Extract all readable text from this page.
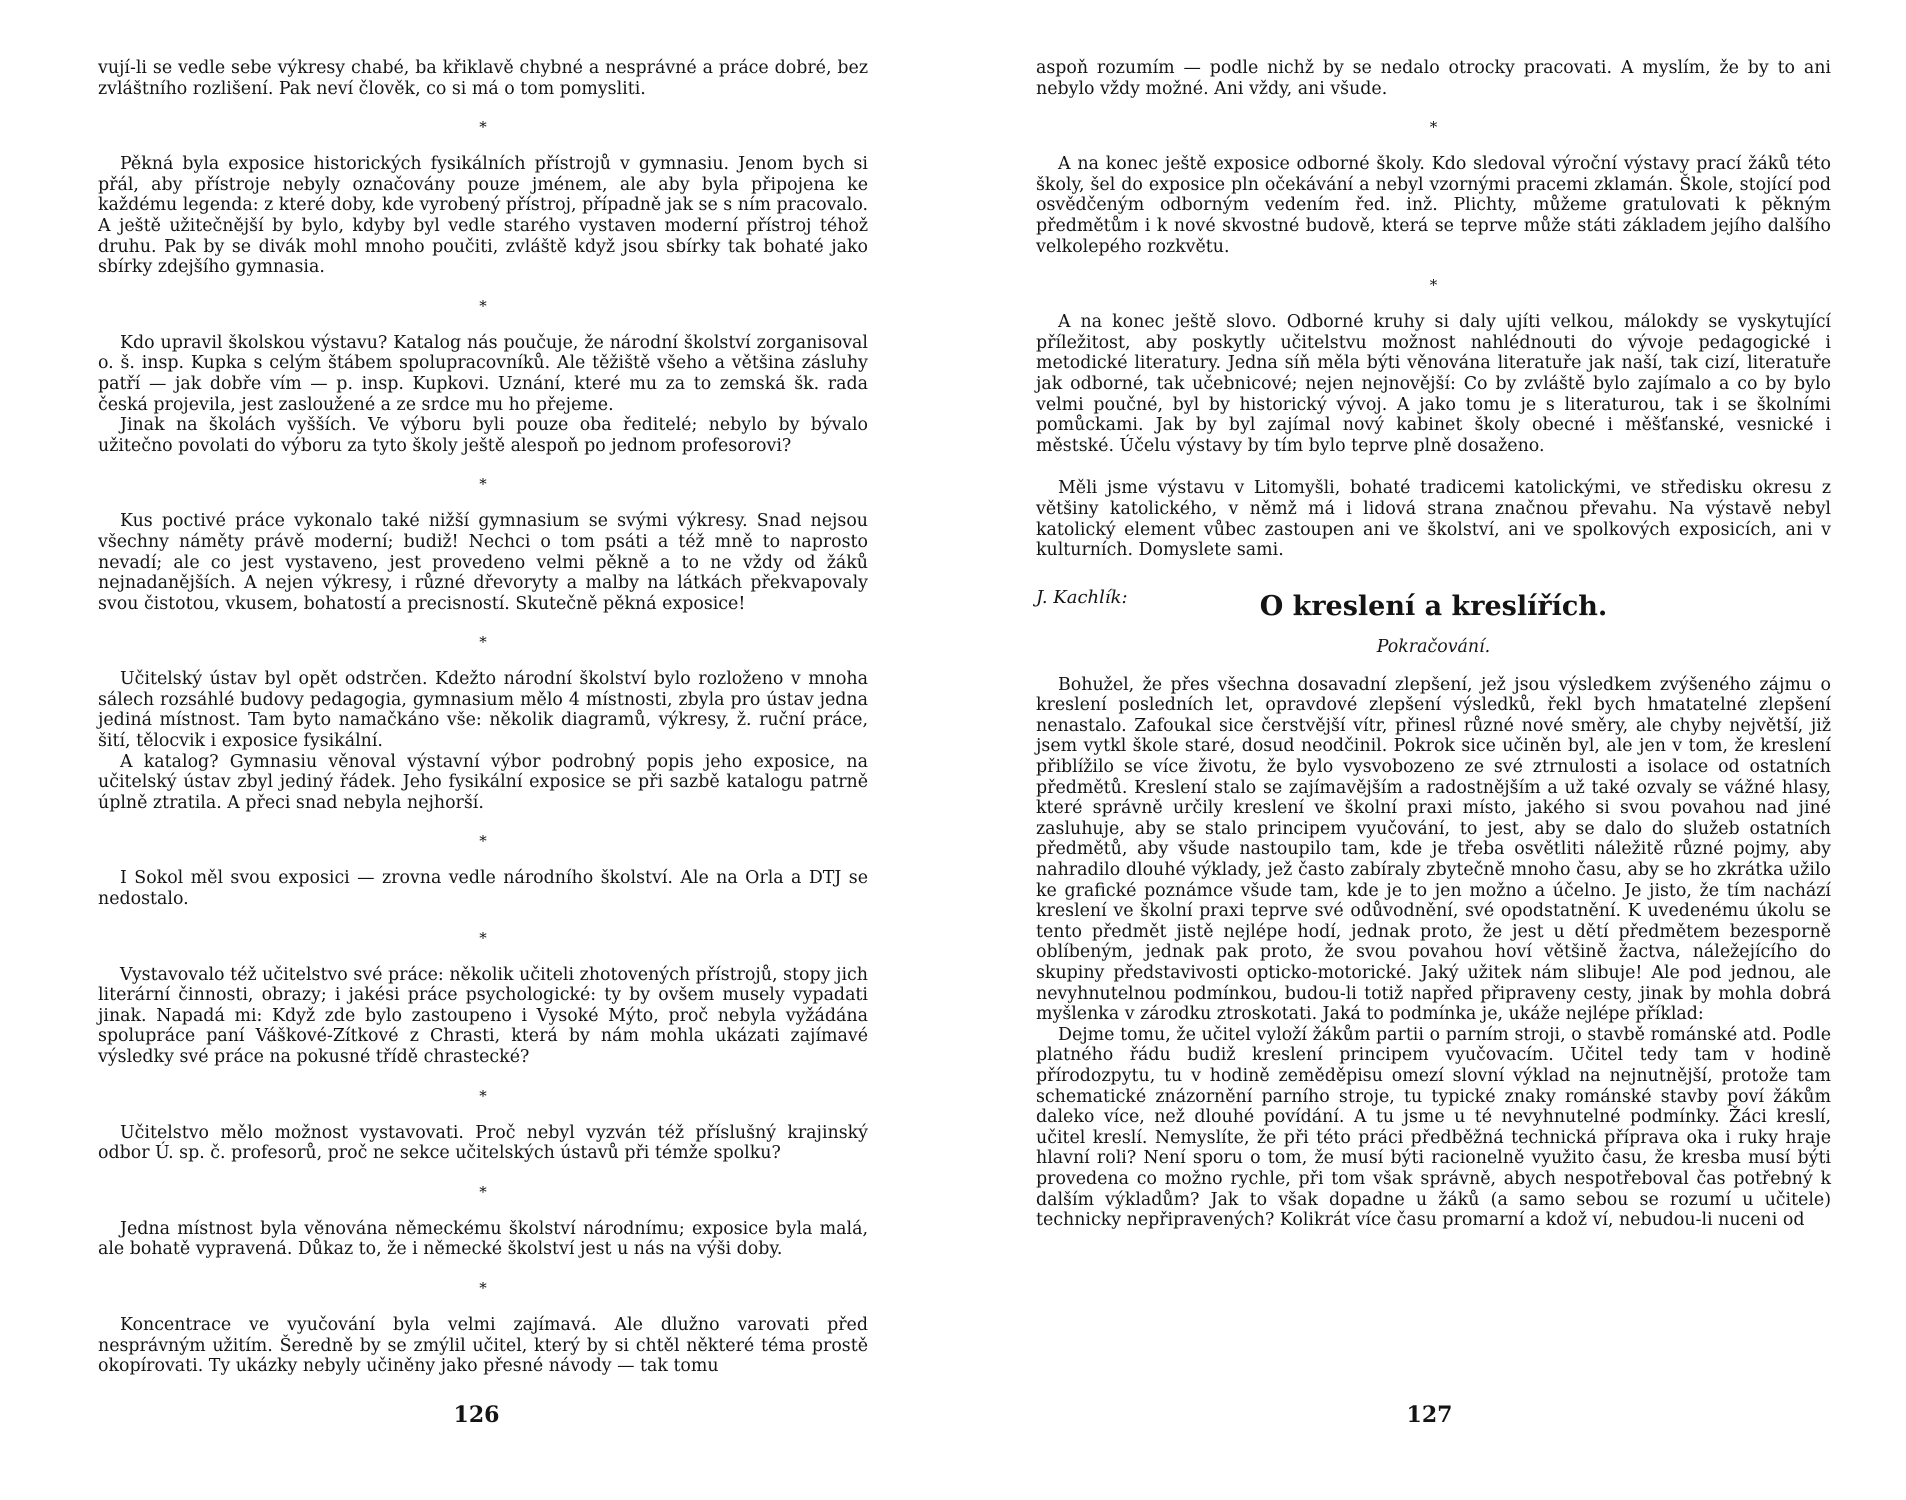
vují-li se vedle sebe výkresy chabé, ba křiklavě chybné a nesprávné a práce dobré, bez zvláštního rozlišení. Pak neví člověk, co si má o tom pomysliti.

*

Pěkná byla exposice historických fysikálních přístrojů v gymnasiu. Jenom bych si přál, aby přístroje nebyly označovány pouze jménem, ale aby byla připojena ke každému legenda: z které doby, kde vyrobený přístroj, případně jak se s ním pracovalo. A ještě užitečnější by bylo, kdyby byl vedle starého vystaven moderní přístroj téhož druhu. Pak by se divák mohl mnoho poučiti, zvláště když jsou sbírky tak bohaté jako sbírky zdejšího gymnasia.

*

Kdo upravil školskou výstavu? Katalog nás poučuje, že národní školství zorganisoval o. š. insp. Kupka s celým štábem spolupracovníků. Ale těžiště všeho a většina zásluhy patří — jak dobře vím — p. insp. Kupkovi. Uznání, které mu za to zemská šk. rada česká projevila, jest zasloužené a ze srdce mu ho přejeme.

Jinak na školách vyšších. Ve výboru byli pouze oba ředitelé; nebylo by bývalo užitečno povolati do výboru za tyto školy ještě alespoň po jednom profesorovi?

*

Kus poctivé práce vykonalo také nižší gymnasium se svými výkresy. Snad nejsou všechny náměty právě moderní; budiž! Nechci o tom psáti a též mně to naprosto nevadí; ale co jest vystaveno, jest provedeno velmi pěkně a to ne vždy od žáků nejnadanějších. A nejen výkresy, i různé dřevoryty a malby na látkách překvapovaly svou čistotou, vkusem, bohatostí a precisností. Skutečně pěkná exposice!

*

Učitelský ústav byl opět odstrčen. Kdežto národní školství bylo rozloženo v mnoha sálech rozsáhlé budovy pedagogia, gymnasium mělo 4 místnosti, zbyla pro ústav jedna jediná místnost. Tam byto namačkáno vše: několik diagramů, výkresy, ž. ruční práce, šití, tělocvik i exposice fysikální.

A katalog? Gymnasiu věnoval výstavní výbor podrobný popis jeho exposice, na učitelský ústav zbyl jediný řádek. Jeho fysikální exposice se při sazbě katalogu patrně úplně ztratila. A přeci snad nebyla nejhorší.

*

I Sokol měl svou exposici — zrovna vedle národního školství. Ale na Orla a DTJ se nedostalo.

*

Vystavovalo též učitelstvo své práce: několik učiteli zhotovených přístrojů, stopy jich literární činnosti, obrazy; i jakési práce psychologické: ty by ovšem musely vypadati jinak. Napadá mi: Když zde bylo zastoupeno i Vysoké Mýto, proč nebyla vyžádána spolupráce paní Váškové-Zítkové z Chrasti, která by nám mohla ukázati zajímavé výsledky své práce na pokusné třídě chrastecké?

*

Učitelstvo mělo možnost vystavovati. Proč nebyl vyzván též příslušný krajinský odbor Ú. sp. č. profesorů, proč ne sekce učitelských ústavů při témže spolku?

*

Jedna místnost byla věnována německému školství národnímu; exposice byla malá, ale bohatě vypravená. Důkaz to, že i německé školství jest u nás na výši doby.

*

Koncentrace ve vyučování byla velmi zajímavá. Ale dlužno varovati před nesprávným užitím. Šeredně by se zmýlil učitel, který by si chtěl některé téma prostě okopírovati. Ty ukázky nebyly učiněny jako přesné návody — tak tomu

126

aspoň rozumím — podle nichž by se nedalo otrocky pracovati. A myslím, že by to ani nebylo vždy možné. Ani vždy, ani všude.

*

A na konec ještě exposice odborné školy. Kdo sledoval výroční výstavy prací žáků této školy, šel do exposice pln očekávání a nebyl vzornými pracemi zklamán. Škole, stojící pod osvědčeným odborným vedením řed. inž. Plichty, můžeme gratulovati k pěkným předmětům i k nové skvostné budově, která se teprve může státi základem jejího dalšího velkolepého rozkvětu.

*

A na konec ještě slovo. Odborné kruhy si daly ujíti velkou, málokdy se vyskytující příležitost, aby poskytly učitelstvu možnost nahlédnouti do vývoje pedagogické i metodické literatury. Jedna síň měla býti věnována literatuře jak naší, tak cizí, literatuře jak odborné, tak učebnicové; nejen nejnovější: Co by zvláště bylo zajímalo a co by bylo velmi poučné, byl by historický vývoj. A jako tomu je s literaturou, tak i se školními pomůckami. Jak by byl zajímal nový kabinet školy obecné i měšťanské, vesnické i městské. Účelu výstavy by tím bylo teprve plně dosaženo.

Měli jsme výstavu v Litomyšli, bohaté tradicemi katolickými, ve středisku okresu z většiny katolického, v němž má i lidová strana značnou převahu. Na výstavě nebyl katolický element vůbec zastoupen ani ve školství, ani ve spolkových exposicích, ani v kulturních. Domyslete sami.

J. Kachlík:	O kreslení a kreslířích.
Pokračování.

Bohužel, že přes všechna dosavadní zlepšení, jež jsou výsledkem zvýšeného zájmu o kreslení posledních let, opravdové zlepšení výsledků, řekl bych hmatatelné zlepšení nenastalo. Zafoukal sice čerstvější vítr, přinesl různé nové směry, ale chyby největší, již jsem vytkl škole staré, dosud neodčinil. Pokrok sice učiněn byl, ale jen v tom, že kreslení přiblížilo se více životu, že bylo vysvobozeno ze své ztrnulosti a isolace od ostatních předmětů. Kreslení stalo se zajímavějším a radostnějším a už také ozvaly se vážné hlasy, které správně určily kreslení ve školní praxi místo, jakého si svou povahou nad jiné zasluhuje, aby se stalo principem vyučování, to jest, aby se dalo do služeb ostatních předmětů, aby všude nastoupilo tam, kde je třeba osvětliti náležitě různé pojmy, aby nahradilo dlouhé výklady, jež často zabíraly zbytečně mnoho času, aby se ho zkrátka užilo ke grafické poznámce všude tam, kde je to jen možno a účelno. Je jisto, že tím nachází kreslení ve školní praxi teprve své odůvodnění, své opodstatnění. K uvedenému úkolu se tento předmět jistě nejlépe hodí, jednak proto, že jest u dětí předmětem bezesporně oblíbeným, jednak pak proto, že svou povahou hoví většině žactva, náležejícího do skupiny představivosti opticko-motorické. Jaký užitek nám slibuje! Ale pod jednou, ale nevyhnutelnou podmínkou, budou-li totiž napřed připraveny cesty, jinak by mohla dobrá myšlenka v zárodku ztroskotati. Jaká to podmínka je, ukáže nejlépe příklad:

Dejme tomu, že učitel vyloží žákům partii o parním stroji, o stavbě románské atd. Podle platného řádu budiž kreslení principem vyučovacím. Učitel tedy tam v hodině přírodozpytu, tu v hodině zeměděpisu omezí slovní výklad na nejnutnější, protože tam schematické znázornění parního stroje, tu typické znaky románské stavby poví žákům daleko více, než dlouhé povídání. A tu jsme u té nevyhnutelné podmínky. Žáci kreslí, učitel kreslí. Nemyslíte, že při této práci předběžná technická příprava oka i ruky hraje hlavní roli? Není sporu o tom, že musí býti racionelně využito času, že kresba musí býti provedena co možno rychle, při tom však správně, abych nespotřeboval čas potřebný k dalším výkladům? Jak to však dopadne u žáků (a samo sebou se rozumí u učitele) technicky nepřipravených? Kolikrát více času promarní a kdož ví, nebudou-li nuceni od

127
